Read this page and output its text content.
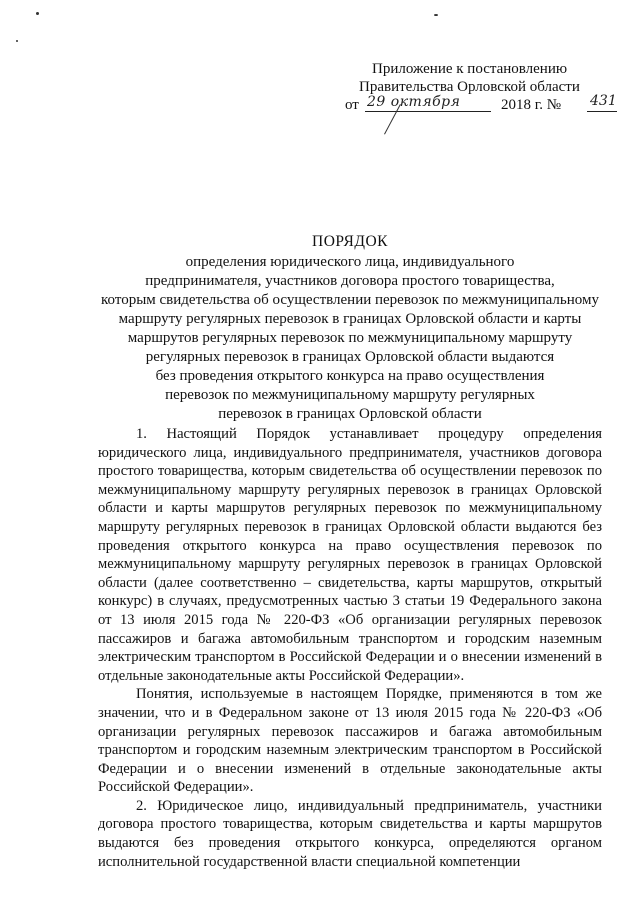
Приложение к постановлению
Правительства Орловской области
от 29 октября	2018 г. № 431
ПОРЯДОК
определения юридического лица, индивидуального
предпринимателя, участников договора простого товарищества,
которым свидетельства об осуществлении перевозок по межмуниципальному
маршруту регулярных перевозок в границах Орловской области и карты
маршрутов регулярных перевозок по межмуниципальному маршруту
регулярных перевозок в границах Орловской области выдаются
без проведения открытого конкурса на право осуществления
перевозок по межмуниципальному маршруту регулярных
перевозок в границах Орловской области

1. Настоящий Порядок устанавливает процедуру определения юридического лица, индивидуального предпринимателя, участников договора простого товарищества, которым свидетельства об осуществлении перевозок по межмуниципальному маршруту регулярных перевозок в границах Орловской области и карты маршрутов регулярных перевозок по межмуниципальному маршруту регулярных перевозок в границах Орловской области выдаются без проведения открытого конкурса на право осуществления перевозок по межмуниципальному маршруту регулярных перевозок в границах Орловской области (далее соответственно – свидетельства, карты маршрутов, открытый конкурс) в случаях, предусмотренных частью 3 статьи 19 Федерального закона от 13 июля 2015 года № 220-ФЗ «Об организации регулярных перевозок пассажиров и багажа автомобильным транспортом и городским наземным электрическим транспортом в Российской Федерации и о внесении изменений в отдельные законодательные акты Российской Федерации».

Понятия, используемые в настоящем Порядке, применяются в том же значении, что и в Федеральном законе от 13 июля 2015 года № 220-ФЗ «Об организации регулярных перевозок пассажиров и багажа автомобильным транспортом и городским наземным электрическим транспортом в Российской Федерации и о внесении изменений в отдельные законодательные акты Российской Федерации».

2. Юридическое лицо, индивидуальный предприниматель, участники договора простого товарищества, которым свидетельства и карты маршрутов выдаются без проведения открытого конкурса, определяются органом исполнительной государственной власти специальной компетенции
